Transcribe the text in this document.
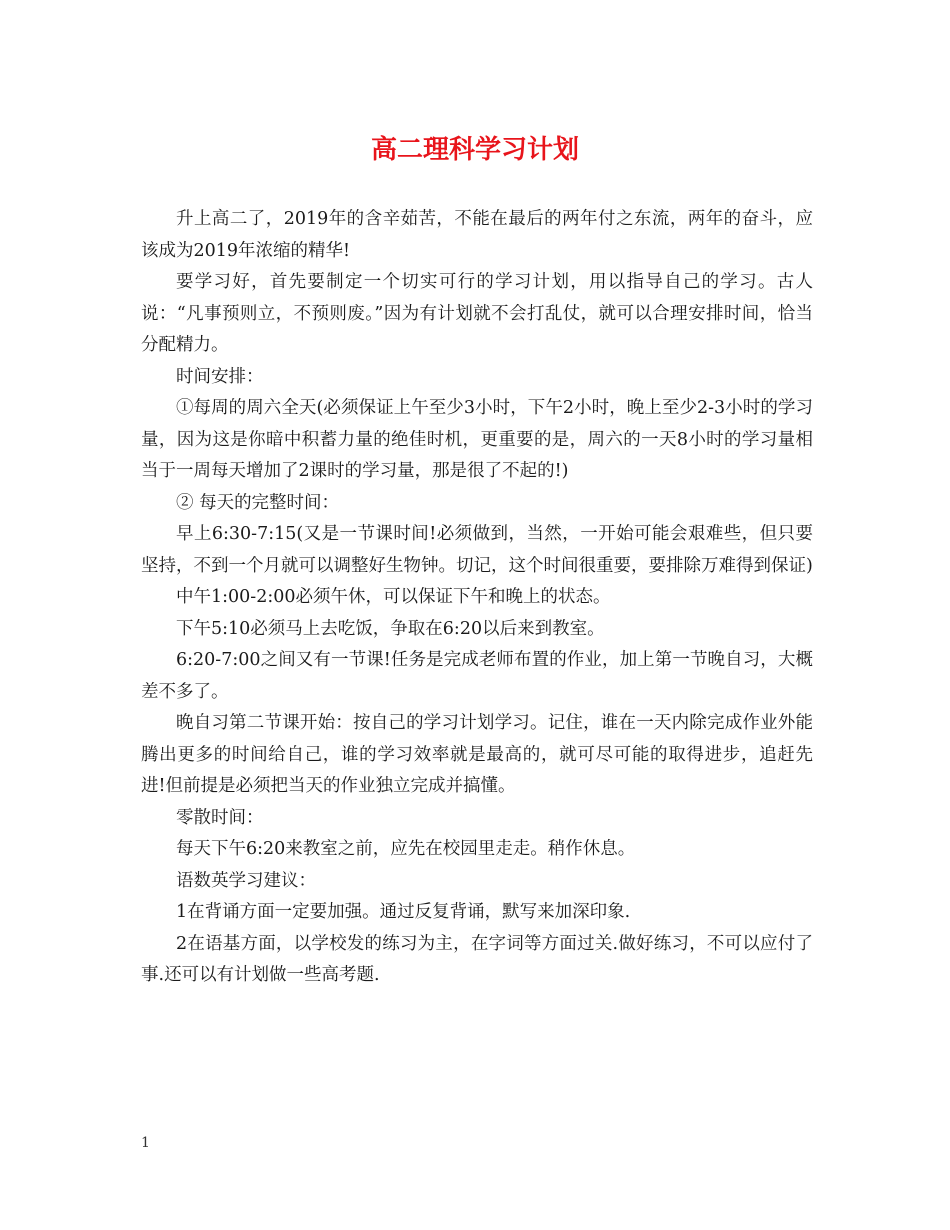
高二理科学习计划

升上高二了，2019年的含辛茹苦，不能在最后的两年付之东流，两年的奋斗，应该成为2019年浓缩的精华!

要学习好，首先要制定一个切实可行的学习计划，用以指导自己的学习。古人说：“凡事预则立，不预则废。”因为有计划就不会打乱仗，就可以合理安排时间，恰当分配精力。

时间安排：

①每周的周六全天(必须保证上午至少3小时，下午2小时，晚上至少2-3小时的学习量，因为这是你暗中积蓄力量的绝佳时机，更重要的是，周六的一天8小时的学习量相当于一周每天增加了2课时的学习量，那是很了不起的!)

② 每天的完整时间：

早上6:30-7:15(又是一节课时间!必须做到，当然，一开始可能会艰难些，但只要坚持，不到一个月就可以调整好生物钟。切记，这个时间很重要，要排除万难得到保证)

中午1:00-2:00必须午休，可以保证下午和晚上的状态。

下午5:10必须马上去吃饭，争取在6:20以后来到教室。

6:20-7:00之间又有一节课!任务是完成老师布置的作业，加上第一节晚自习，大概差不多了。

晚自习第二节课开始：按自己的学习计划学习。记住，谁在一天内除完成作业外能腾出更多的时间给自己，谁的学习效率就是最高的，就可尽可能的取得进步，追赶先进!但前提是必须把当天的作业独立完成并搞懂。

零散时间：

每天下午6:20来教室之前，应先在校园里走走。稍作休息。

语数英学习建议：

1在背诵方面一定要加强。通过反复背诵，默写来加深印象.

2在语基方面，以学校发的练习为主，在字词等方面过关.做好练习，不可以应付了事.还可以有计划做一些高考题.

1
